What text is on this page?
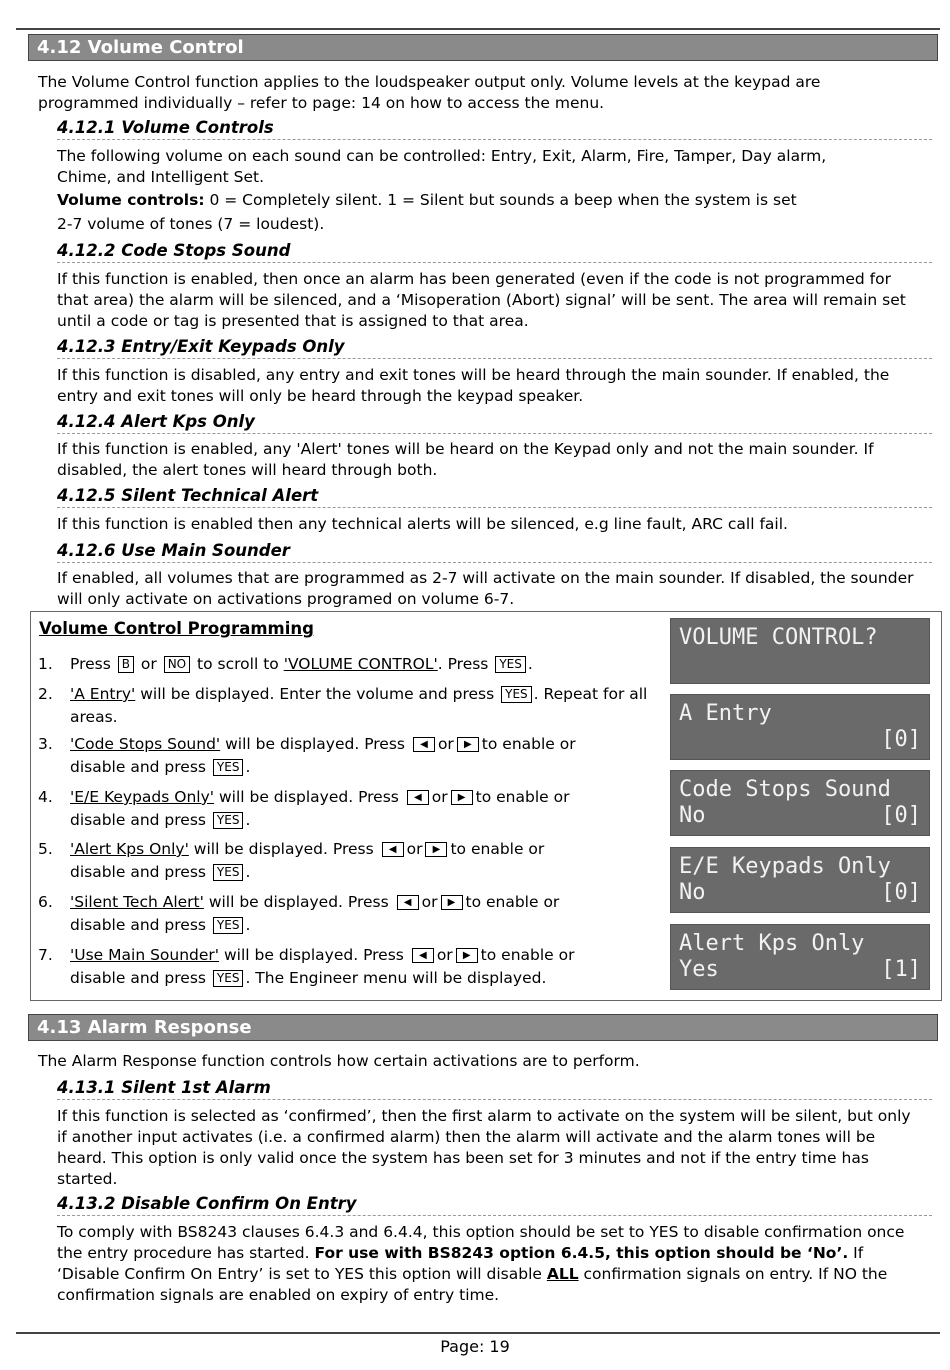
4.12 Volume Control

The Volume Control function applies to the loudspeaker output only. Volume levels at the keypad are programmed individually – refer to page: 14 on how to access the menu.

4.12.1 Volume Controls

The following volume on each sound can be controlled: Entry, Exit, Alarm, Fire, Tamper, Day alarm, Chime, and Intelligent Set.

Volume controls: 0 = Completely silent. 1 = Silent but sounds a beep when the system is set

2-7 volume of tones (7 = loudest).

4.12.2 Code Stops Sound

If this function is enabled, then once an alarm has been generated (even if the code is not programmed for that area) the alarm will be silenced, and a ‘Misoperation (Abort) signal’ will be sent. The area will remain set until a code or tag is presented that is assigned to that area.

4.12.3 Entry/Exit Keypads Only

If this function is disabled, any entry and exit tones will be heard through the main sounder. If enabled, the entry and exit tones will only be heard through the keypad speaker.

4.12.4 Alert Kps Only

If this function is enabled, any 'Alert' tones will be heard on the Keypad only and not the main sounder. If disabled, the alert tones will heard through both.

4.12.5 Silent Technical Alert

If this function is enabled then any technical alerts will be silenced, e.g line fault, ARC call fail.

4.12.6 Use Main Sounder

If enabled, all volumes that are programmed as 2-7 will activate on the main sounder. If disabled, the sounder will only activate on activations programed on volume 6-7.

Volume Control Programming
1. Press B or NO to scroll to 'VOLUME CONTROL'. Press YES .
2. 'A Entry' will be displayed. Enter the volume and press YES . Repeat for all areas.
3. 'Code Stops Sound' will be displayed. Press ◀ or ▶ to enable or
disable and press YES .
4. 'E/E Keypads Only' will be displayed. Press ◀ or ▶ to enable or
disable and press YES .
5. 'Alert Kps Only' will be displayed. Press ◀ or ▶ to enable or
disable and press YES .
6. 'Silent Tech Alert' will be displayed. Press ◀ or ▶ to enable or
disable and press YES .
7. 'Use Main Sounder' will be displayed. Press ◀ or ▶ to enable or
disable and press YES . The Engineer menu will be displayed.
VOLUME CONTROL?
A Entry
[0]
Code Stops Sound
No	[0]
E/E Keypads Only
No	[0]
Alert Kps Only
Yes	[1]
4.13 Alarm Response

The Alarm Response function controls how certain activations are to perform.

4.13.1 Silent 1st Alarm

If this function is selected as ‘confirmed’, then the first alarm to activate on the system will be silent, but only if another input activates (i.e. a confirmed alarm) then the alarm will activate and the alarm tones will be heard. This option is only valid once the system has been set for 3 minutes and not if the entry time has started.

4.13.2 Disable Confirm On Entry

To comply with BS8243 clauses 6.4.3 and 6.4.4, this option should be set to YES to disable confirmation once the entry procedure has started. For use with BS8243 option 6.4.5, this option should be ‘No’. If ‘Disable Confirm On Entry’ is set to YES this option will disable ALL confirmation signals on entry. If NO the confirmation signals are enabled on expiry of entry time.

Page: 19
